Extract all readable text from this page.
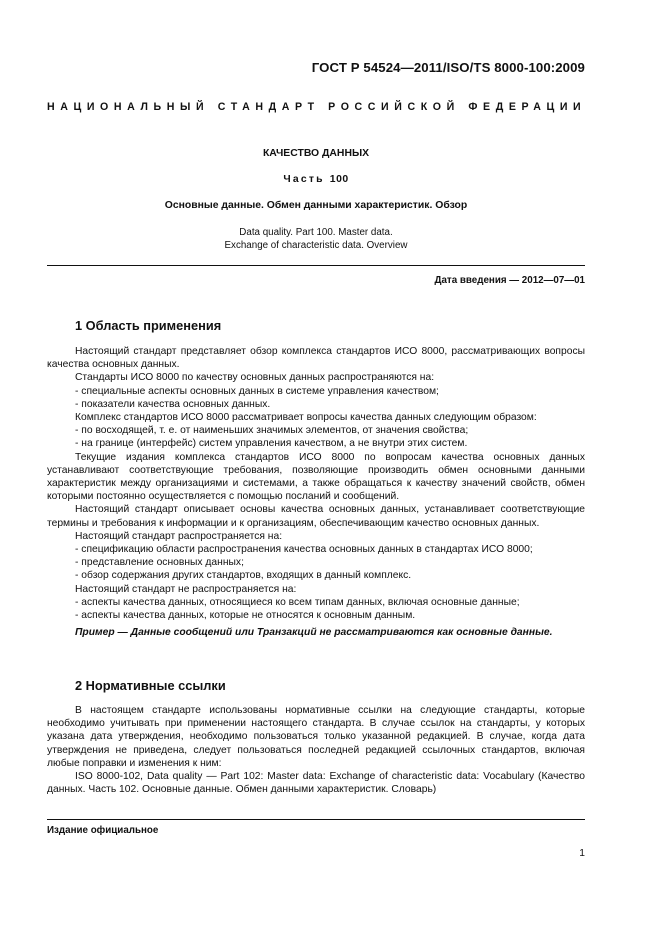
ГОСТ Р 54524—2011/ISO/TS 8000-100:2009
НАЦИОНАЛЬНЫЙ СТАНДАРТ РОССИЙСКОЙ ФЕДЕРАЦИИ
КАЧЕСТВО ДАННЫХ
Часть 100
Основные данные. Обмен данными характеристик. Обзор
Data quality. Part 100. Master data.
Exchange of characteristic data. Overview
Дата введения — 2012—07—01
1 Область применения

Настоящий стандарт представляет обзор комплекса стандартов ИСО 8000, рассматривающих вопросы качества основных данных.

Стандарты ИСО 8000 по качеству основных данных распространяются на:

- специальные аспекты основных данных в системе управления качеством;

- показатели качества основных данных.

Комплекс стандартов ИСО 8000 рассматривает вопросы качества данных следующим образом:

- по восходящей, т. е. от наименьших значимых элементов, от значения свойства;

- на границе (интерфейс) систем управления качеством, а не внутри этих систем.

Текущие издания комплекса стандартов ИСО 8000 по вопросам качества основных данных устанавливают соответствующие требования, позволяющие производить обмен основными данными характеристик между организациями и системами, а также обращаться к качеству значений свойств, обмен которыми постоянно осуществляется с помощью посланий и сообщений.

Настоящий стандарт описывает основы качества основных данных, устанавливает соответствующие термины и требования к информации и к организациям, обеспечивающим качество основных данных.

Настоящий стандарт распространяется на:

- спецификацию области распространения качества основных данных в стандартах ИСО 8000;

- представление основных данных;

- обзор содержания других стандартов, входящих в данный комплекс.

Настоящий стандарт не распространяется на:

- аспекты качества данных, относящиеся ко всем типам данных, включая основные данные;

- аспекты качества данных, которые не относятся к основным данным.

Пример — Данные сообщений или Транзакций не рассматриваются как основные данные.

2 Нормативные ссылки

В настоящем стандарте использованы нормативные ссылки на следующие стандарты, которые необходимо учитывать при применении настоящего стандарта. В случае ссылок на стандарты, у которых указана дата утверждения, необходимо пользоваться только указанной редакцией. В случае, когда дата утверждения не приведена, следует пользоваться последней редакцией ссылочных стандартов, включая любые поправки и изменения к ним:

ISO 8000-102, Data quality — Part 102: Master data: Exchange of characteristic data: Vocabulary (Качество данных. Часть 102. Основные данные. Обмен данными характеристик. Словарь)

Издание официальное
1
